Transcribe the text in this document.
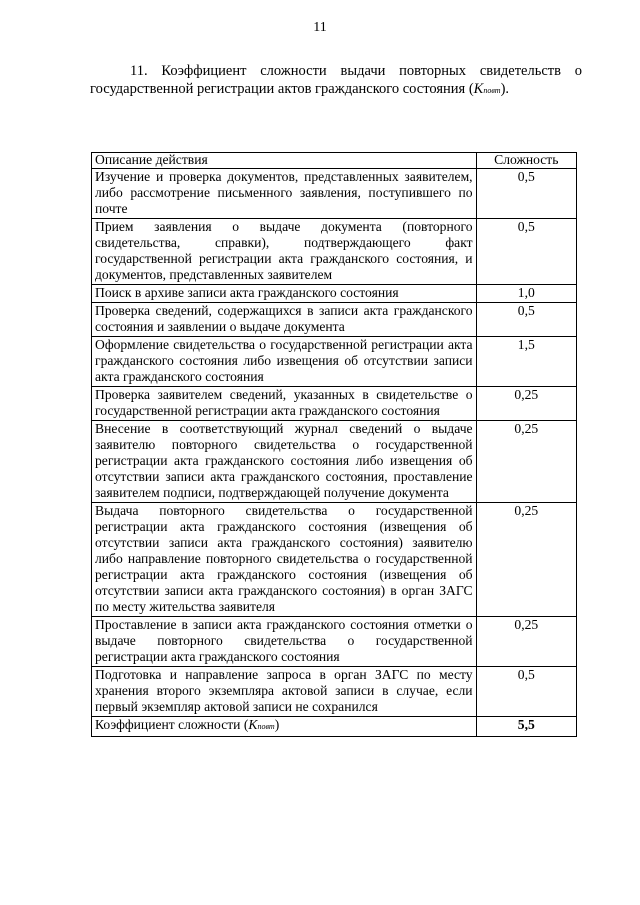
11
11. Коэффициент сложности выдачи повторных свидетельств о государственной регистрации актов гражданского состояния (Kповт).
Описание действия	Сложность
Изучение и проверка документов, представленных заявителем, либо рассмотрение письменного заявления, поступившего по почте	0,5
Прием заявления о выдаче документа (повторного свидетельства, справки), подтверждающего факт государственной регистрации акта гражданского состояния, и документов, представленных заявителем	0,5
Поиск в архиве записи акта гражданского состояния	1,0
Проверка сведений, содержащихся в записи акта гражданского состояния и заявлении о выдаче документа	0,5
Оформление свидетельства о государственной регистрации акта гражданского состояния либо извещения об отсутствии записи акта гражданского состояния	1,5
Проверка заявителем сведений, указанных в свидетельстве о государственной регистрации акта гражданского состояния	0,25
Внесение в соответствующий журнал сведений о выдаче заявителю повторного свидетельства о государственной регистрации акта гражданского состояния либо извещения об отсутствии записи акта гражданского состояния, проставление заявителем подписи, подтверждающей получение документа	0,25
Выдача повторного свидетельства о государственной регистрации акта гражданского состояния (извещения об отсутствии записи акта гражданского состояния) заявителю либо направление повторного свидетельства о государственной регистрации акта гражданского состояния (извещения об отсутствии записи акта гражданского состояния) в орган ЗАГС по месту жительства заявителя	0,25
Проставление в записи акта гражданского состояния отметки о выдаче повторного свидетельства о государственной регистрации акта гражданского состояния	0,25
Подготовка и направление запроса в орган ЗАГС по месту хранения второго экземпляра актовой записи в случае, если первый экземпляр актовой записи не сохранился	0,5
Коэффициент сложности (Kповт)	5,5
